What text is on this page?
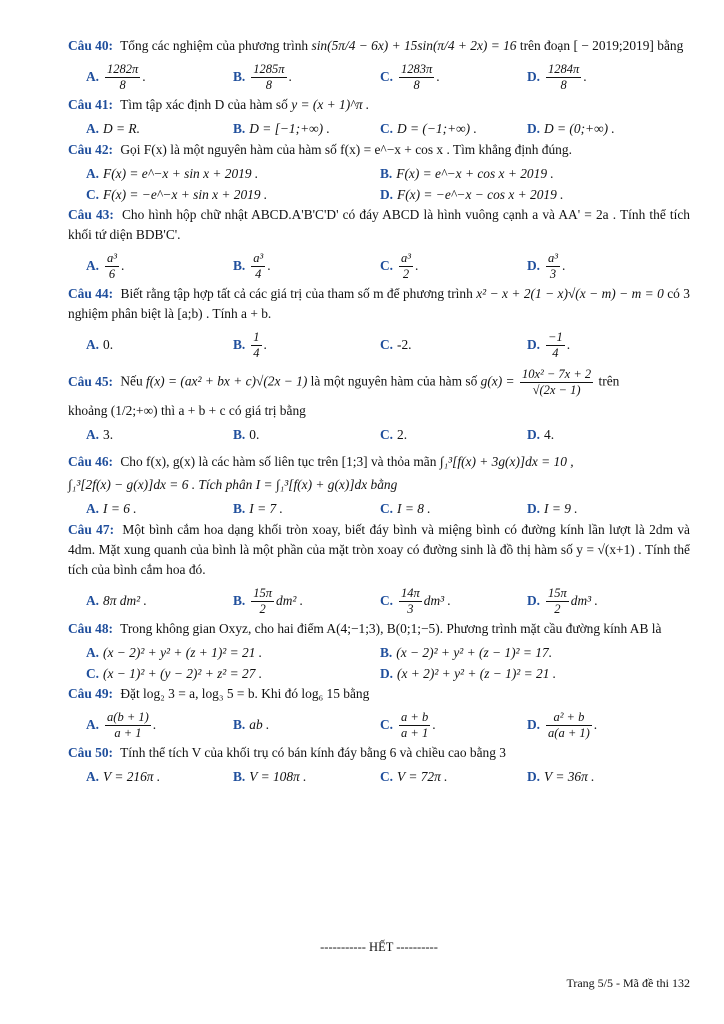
Câu 40: Tổng các nghiệm của phương trình sin(5π/4 − 6x) + 15sin(π/4 + 2x) = 16 trên đoạn [ − 2019;2019] bằng
A. $\frac{1282\pi}{8}$ .	B. $\frac{1285\pi}{8}$ .	C. $\frac{1283\pi}{8}$ .	D. $\frac{1284\pi}{8}$ .
Câu 41: Tìm tập xác định D của hàm số y = (x + 1)^π .
A. D = R.	B. D = [−1;+∞) .	C. D = (−1;+∞) .	D. D = (0;+∞) .
Câu 42: Gọi F(x) là một nguyên hàm của hàm số f(x) = e^−x + cos x . Tìm khẳng định đúng.
A. F(x) = e^−x + sin x + 2019 .	B. F(x) = e^−x + cos x + 2019 .
C. F(x) = −e^−x + sin x + 2019 .	D. F(x) = −e^−x − cos x + 2019 .
Câu 43: Cho hình hộp chữ nhật ABCD.A'B'C'D' có đáy ABCD là hình vuông cạnh a và AA' = 2a . Tính thể tích khối tứ diện BDB'C'.
A. $\frac{\text{a³}}{6}$ .	B. $\frac{\text{a³}}{4}$ .	C. $\frac{\text{a³}}{2}$ .	D. $\frac{\text{a³}}{3}$ .
Câu 44: Biết rằng tập hợp tất cả các giá trị của tham số m để phương trình x² − x + 2(1 − x)√(x − m) − m = 0 có 3 nghiệm phân biệt là [a;b) . Tính a + b.
A. 0.	B. $\frac{1}{4}$ .	C. -2.	D. $\frac{-1}{4}$ .
Câu 45: Nếu f(x) = (ax² + bx + c)√(2x − 1) là một nguyên hàm của hàm số $g(x) = \frac{\text{10x² − 7x + 2}}{√(2x - 1)}$ trên
khoảng (1/2;+∞) thì a + b + c có giá trị bằng
A. 3.	B. 0.	C. 2.	D. 4.
Câu 46: Cho f(x), g(x) là các hàm số liên tục trên [1;3] và thỏa mãn ∫₁³[f(x) + 3g(x)]dx = 10 ,
∫₁³[2f(x) − g(x)]dx = 6 . Tích phân I = ∫₁³[f(x) + g(x)]dx bằng
A. I = 6 .	B. I = 7 .	C. I = 8 .	D. I = 9 .
Câu 47: Một bình cắm hoa dạng khối tròn xoay, biết đáy bình và miệng bình có đường kính lần lượt là 2dm và 4dm. Mặt xung quanh của bình là một phần của mặt tròn xoay có đường sinh là đồ thị hàm số y = √(x+1) . Tính thể tích của bình cắm hoa đó.
A. 8π dm² .	B. $\frac{15\pi}{2} dm^2$ .	C. $\frac{14\pi}{3} dm^3$ .	D. $\frac{15\pi}{2} dm^3$ .
Câu 48: Trong không gian Oxyz, cho hai điểm A(4;−1;3), B(0;1;−5). Phương trình mặt cầu đường kính AB là
A. (x − 2)² + y² + (z + 1)² = 21 .	B. (x − 2)² + y² + (z − 1)² = 17.
C. (x − 1)² + (y − 2)² + z² = 27 .	D. (x + 2)² + y² + (z − 1)² = 21 .
Câu 49: Đặt log₂ 3 = a, log₃ 5 = b. Khi đó log₆ 15 bằng
A. $\frac{a(b + 1)}{a + 1}$ .	B. ab .	C. $\frac{a + b}{a + 1}$ .	D. $\frac{\text{a² + b}}{a(a + 1)}$ .
Câu 50: Tính thể tích V của khối trụ có bán kính đáy bằng 6 và chiều cao bằng 3
A. V = 216π .	B. V = 108π .	C. V = 72π .	D. V = 36π .
----------- HẾT ----------
Trang 5/5 - Mã đề thi 132
